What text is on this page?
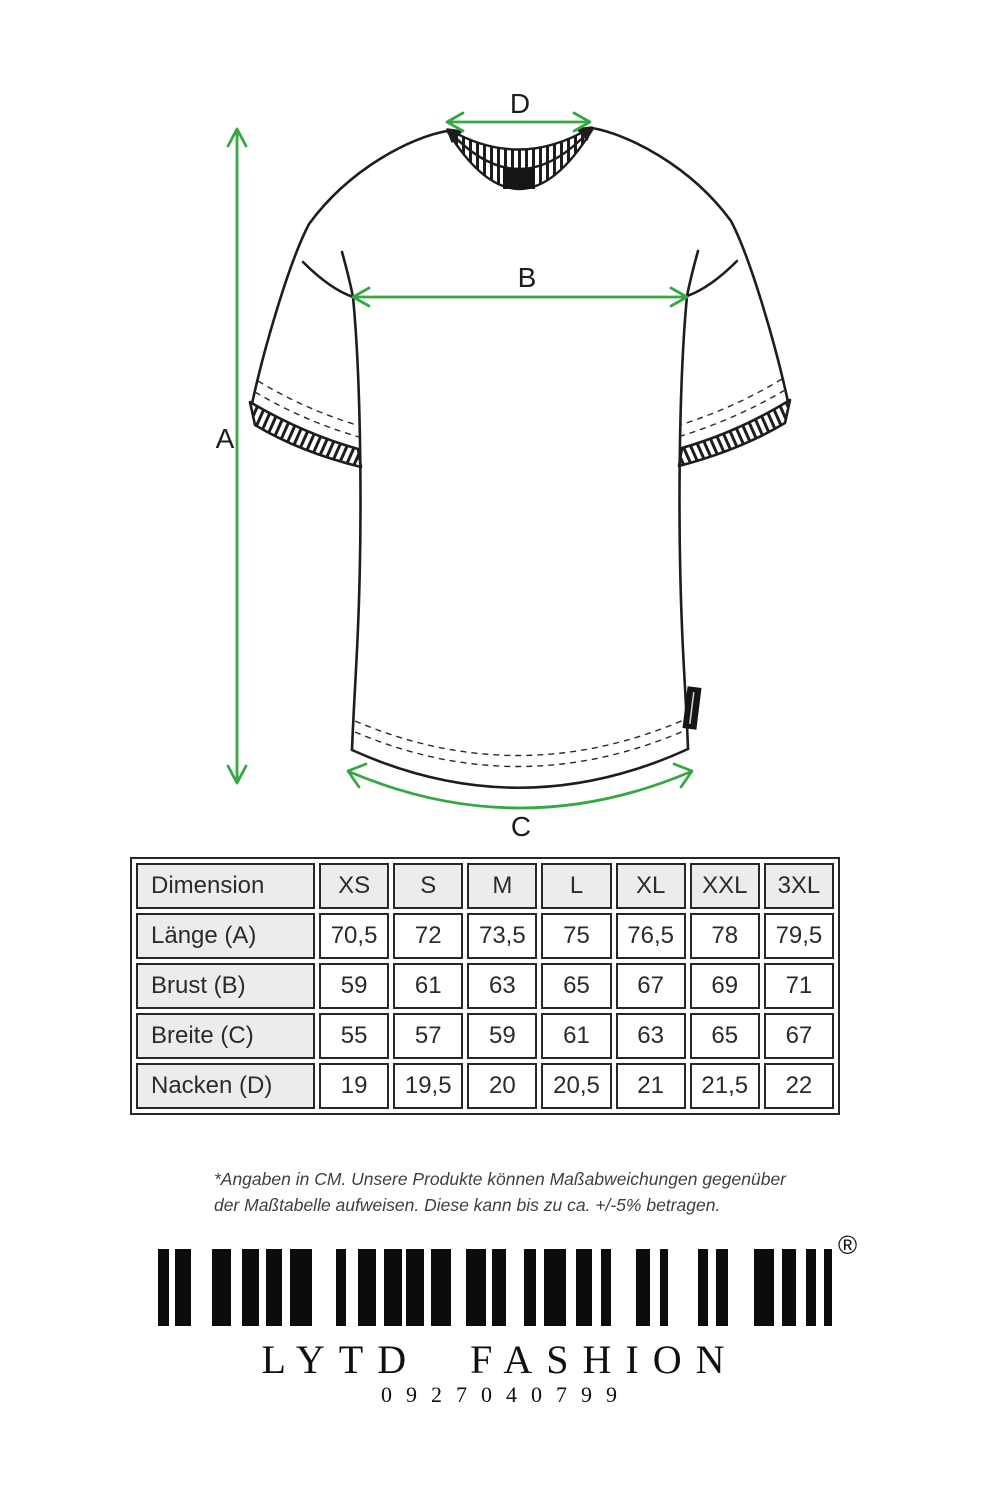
A
B
C
D
Dimension	XS	S	M	L	XL	XXL	3XL
Länge (A)	70,5	72	73,5	75	76,5	78	79,5
Brust (B)	59	61	63	65	67	69	71
Breite (C)	55	57	59	61	63	65	67
Nacken (D)	19	19,5	20	20,5	21	21,5	22
*Angaben in CM. Unsere Produkte können Maßabweichungen gegenüber
der Maßtabelle aufweisen. Diese kann bis zu ca. +/-5% betragen.
®
LYTD FASHION
0927040799
